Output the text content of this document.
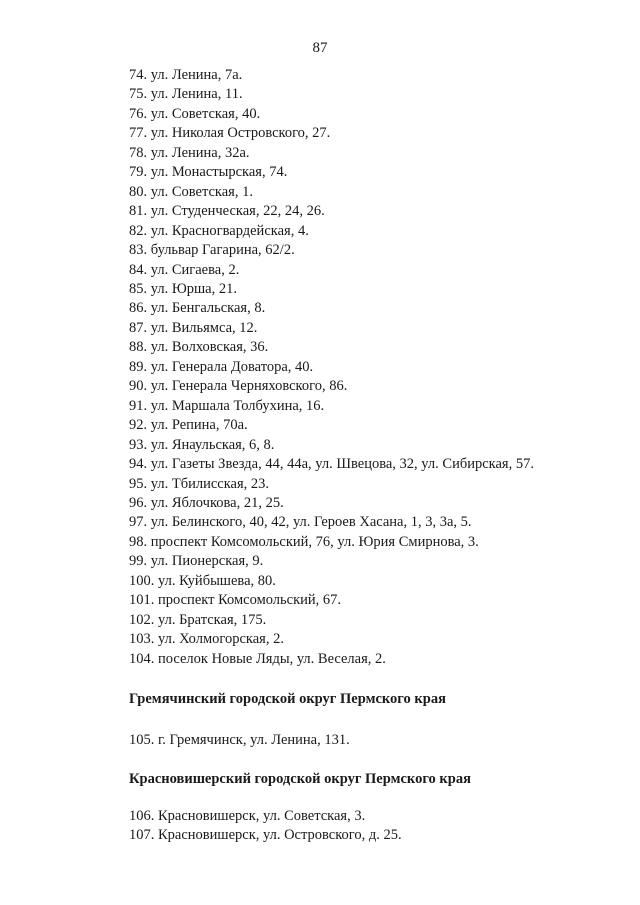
87
74. ул. Ленина, 7а.
75. ул. Ленина, 11.
76. ул. Советская, 40.
77. ул. Николая Островского, 27.
78. ул. Ленина, 32а.
79. ул. Монастырская, 74.
80. ул. Советская, 1.
81. ул. Студенческая, 22, 24, 26.
82. ул. Красногвардейская, 4.
83. бульвар Гагарина, 62/2.
84. ул. Сигаева, 2.
85. ул. Юрша, 21.
86. ул. Бенгальская, 8.
87. ул. Вильямса, 12.
88. ул. Волховская, 36.
89. ул. Генерала Доватора, 40.
90. ул. Генерала Черняховского, 86.
91. ул. Маршала Толбухина, 16.
92. ул. Репина, 70а.
93. ул. Янаульская, 6, 8.
94. ул. Газеты Звезда, 44, 44а, ул. Швецова, 32, ул. Сибирская, 57.
95. ул. Тбилисская, 23.
96. ул. Яблочкова, 21, 25.
97. ул. Белинского, 40, 42, ул. Героев Хасана, 1, 3, 3а, 5.
98. проспект Комсомольский, 76, ул. Юрия Смирнова, 3.
99. ул. Пионерская, 9.
100. ул. Куйбышева, 80.
101. проспект Комсомольский, 67.
102. ул. Братская, 175.
103. ул. Холмогорская, 2.
104. поселок Новые Ляды, ул. Веселая, 2.
Гремячинский городской округ Пермского края
105. г. Гремячинск, ул. Ленина, 131.
Красновишерский городской округ Пермского края
106. Красновишерск, ул. Советская, 3.
107. Красновишерск, ул. Островского, д. 25.
